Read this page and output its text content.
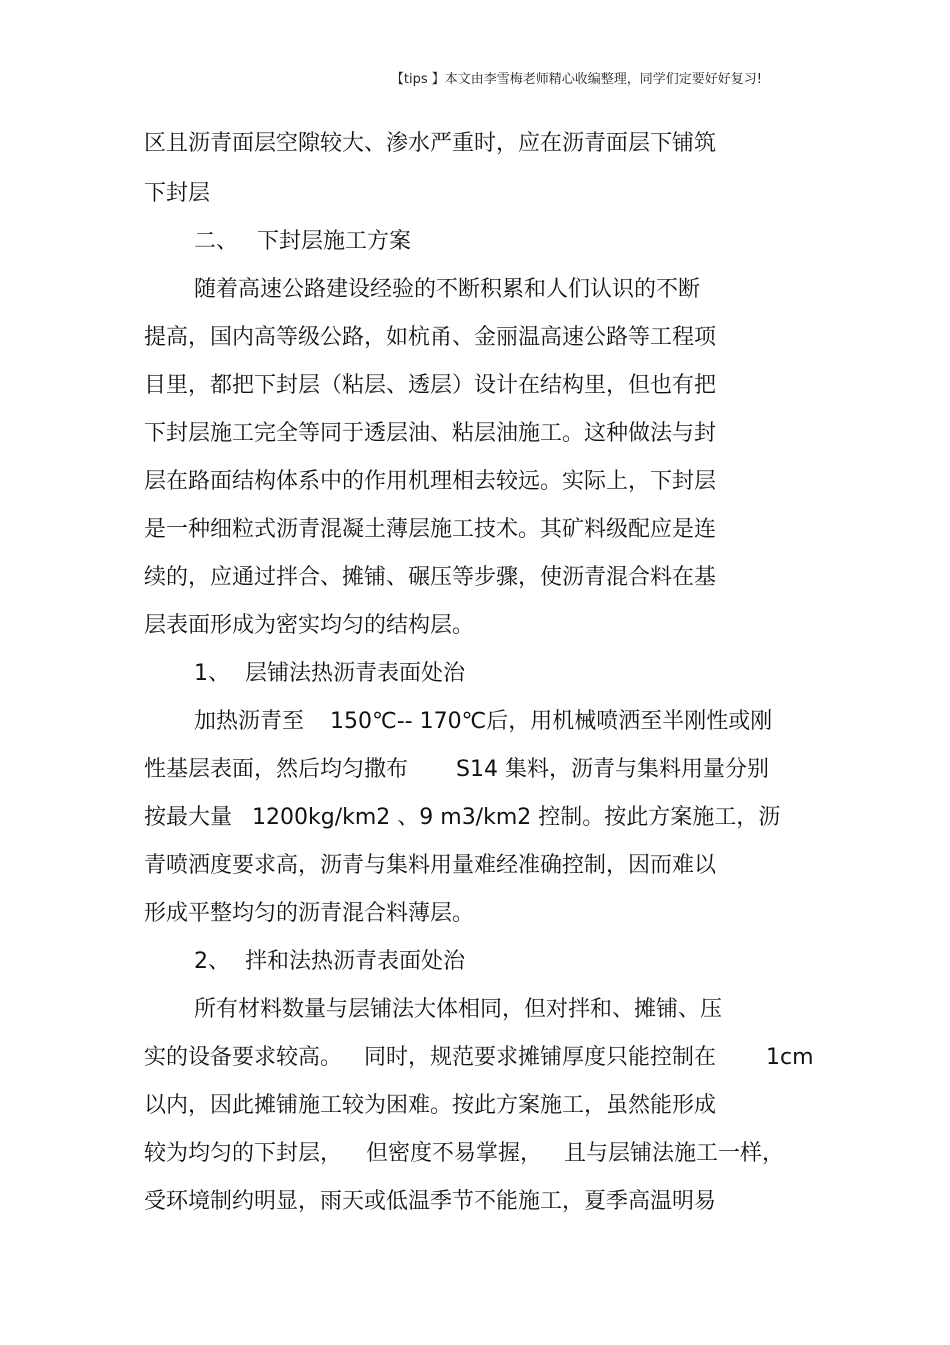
【tips 】本文由李雪梅老师精心收编整理，同学们定要好好复习!
区且沥青面层空隙较大、渗水严重时，应在沥青面层下铺筑
下封层
二、 下封层施工方案
随着高速公路建设经验的不断积累和人们认识的不断
提高，国内高等级公路，如杭甬、金丽温高速公路等工程项
目里，都把下封层（粘层、透层）设计在结构里，但也有把
下封层施工完全等同于透层油、粘层油施工。这种做法与封
层在路面结构体系中的作用机理相去较远。实际上，下封层
是一种细粒式沥青混凝土薄层施工技术。其矿料级配应是连
续的，应通过拌合、摊铺、碾压等步骤，使沥青混合料在基
层表面形成为密实均匀的结构层。
1、 层铺法热沥青表面处治
加热沥青至 150℃-- 170℃后，用机械喷洒至半刚性或刚
性基层表面，然后均匀撒布 S14 集料，沥青与集料用量分别
按最大量 1200kg/km2 、9 m3/km2 控制。按此方案施工，沥
青喷洒度要求高，沥青与集料用量难经准确控制，因而难以
形成平整均匀的沥青混合料薄层。
2、 拌和法热沥青表面处治
所有材料数量与层铺法大体相同，但对拌和、摊铺、压
实的设备要求较高。 同时，规范要求摊铺厚度只能控制在 1cm
以内，因此摊铺施工较为困难。按此方案施工，虽然能形成
较为均匀的下封层， 但密度不易掌握， 且与层铺法施工一样，
受环境制约明显，雨天或低温季节不能施工，夏季高温明易
